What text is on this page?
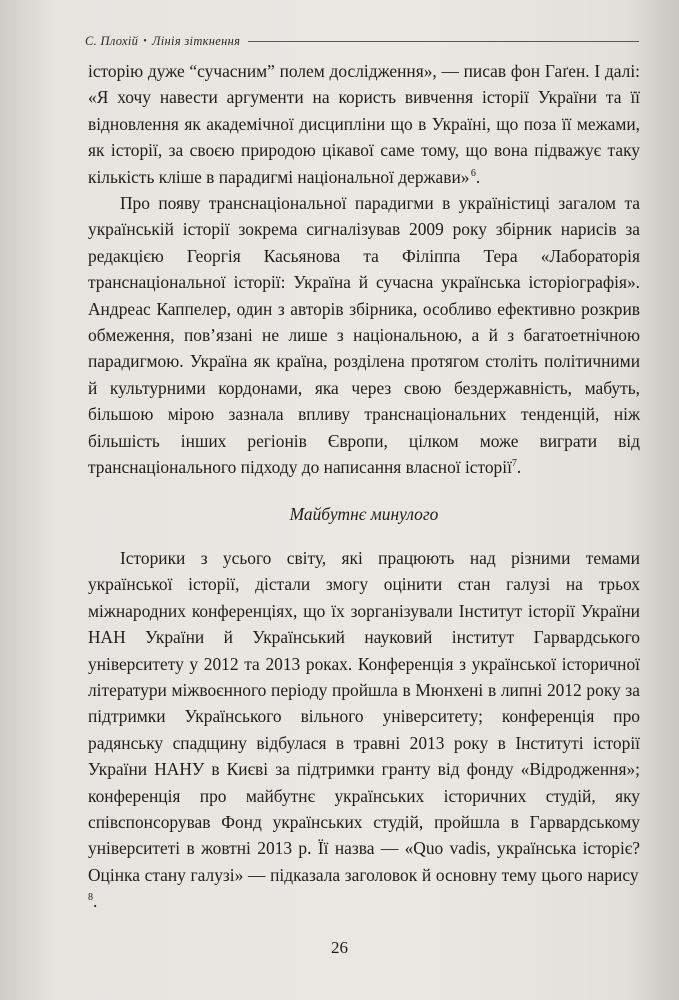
С. Плохій • Лінія зіткнення

історію дуже “сучасним” полем дослідження», — писав фон Гаґен. І далі: «Я хочу навести аргументи на користь вивчення історії України та її відновлення як академічної дисципліни що в Україні, що поза її межами, як історії, за своєю природою цікавої саме тому, що вона підважує таку кількість кліше в парадигмі національної держави» $^6$.

Про появу транснаціональної парадигми в україністиці загалом та українській історії зокрема сигналізував 2009 року збірник нарисів за редакцією Георгія Касьянова та Філіппа Тера «Лабораторія транснаціональної історії: Україна й сучасна українська історіографія». Андреас Каппелер, один з авторів збірника, особливо ефективно розкрив обмеження, пов’язані не лише з національною, а й з багатоетнічною парадигмою. Україна як країна, розділена протягом століть політичними й культурними кордонами, яка через свою бездержавність, мабуть, більшою мірою зазнала впливу транснаціональних тенденцій, ніж більшість інших регіонів Європи, цілком може виграти від транснаціонального підходу до написання власної історії$^7$.

Майбутнє минулого

Історики з усього світу, які працюють над різними темами української історії, дістали змогу оцінити стан галузі на трьох міжнародних конференціях, що їх зорганізували Інститут історії України НАН України й Український науковий інститут Гарвардського університету у 2012 та 2013 роках. Конференція з української історичної літератури міжвоєнного періоду пройшла в Мюнхені в липні 2012 року за підтримки Українського вільного університету; конференція про радянську спадщину відбулася в травні 2013 року в Інституті історії України НАНУ в Києві за підтримки гранту від фонду «Відродження»; конференція про майбутнє українських історичних студій, яку співспонсорував Фонд українських студій, пройшла в Гарвардському університеті в жовтні 2013 р. Її назва — «Quo vadis, українська історіє? Оцінка стану галузі» — підказала заголовок й основну тему цього нарису $^8$.

26
